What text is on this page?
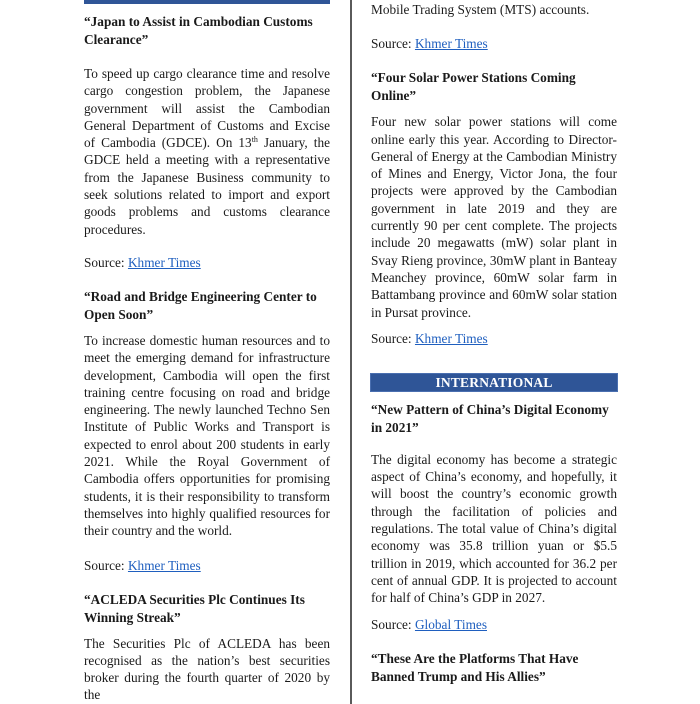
“Japan to Assist in Cambodian Customs Clearance”

To speed up cargo clearance time and resolve cargo congestion problem, the Japanese government will assist the Cambodian General Department of Customs and Excise of Cambodia (GDCE). On 13th January, the GDCE held a meeting with a representative from the Japanese Business community to seek solutions related to import and export goods problems and customs clearance procedures.

Source: Khmer Times

“Road and Bridge Engineering Center to Open Soon”

To increase domestic human resources and to meet the emerging demand for infrastructure development, Cambodia will open the first training centre focusing on road and bridge engineering. The newly launched Techno Sen Institute of Public Works and Transport is expected to enrol about 200 students in early 2021. While the Royal Government of Cambodia offers opportunities for promising students, it is their responsibility to transform themselves into highly qualified resources for their country and the world.

Source: Khmer Times

“ACLEDA Securities Plc Continues Its Winning Streak”

The Securities Plc of ACLEDA has been recognised as the nation’s best securities broker during the fourth quarter of 2020 by the

Mobile Trading System (MTS) accounts.

Source: Khmer Times

“Four Solar Power Stations Coming Online”

Four new solar power stations will come online early this year. According to Director-General of Energy at the Cambodian Ministry of Mines and Energy, Victor Jona, the four projects were approved by the Cambodian government in late 2019 and they are currently 90 per cent complete. The projects include 20 megawatts (mW) solar plant in Svay Rieng province, 30mW plant in Banteay Meanchey province, 60mW solar farm in Battambang province and 60mW solar station in Pursat province.

Source: Khmer Times

INTERNATIONAL

“New Pattern of China’s Digital Economy in 2021”

The digital economy has become a strategic aspect of China’s economy, and hopefully, it will boost the country’s economic growth through the facilitation of policies and regulations. The total value of China’s digital economy was 35.8 trillion yuan or $5.5 trillion in 2019, which accounted for 36.2 per cent of annual GDP. It is projected to account for half of China’s GDP in 2027.

Source: Global Times

“These Are the Platforms That Have Banned Trump and His Allies”
